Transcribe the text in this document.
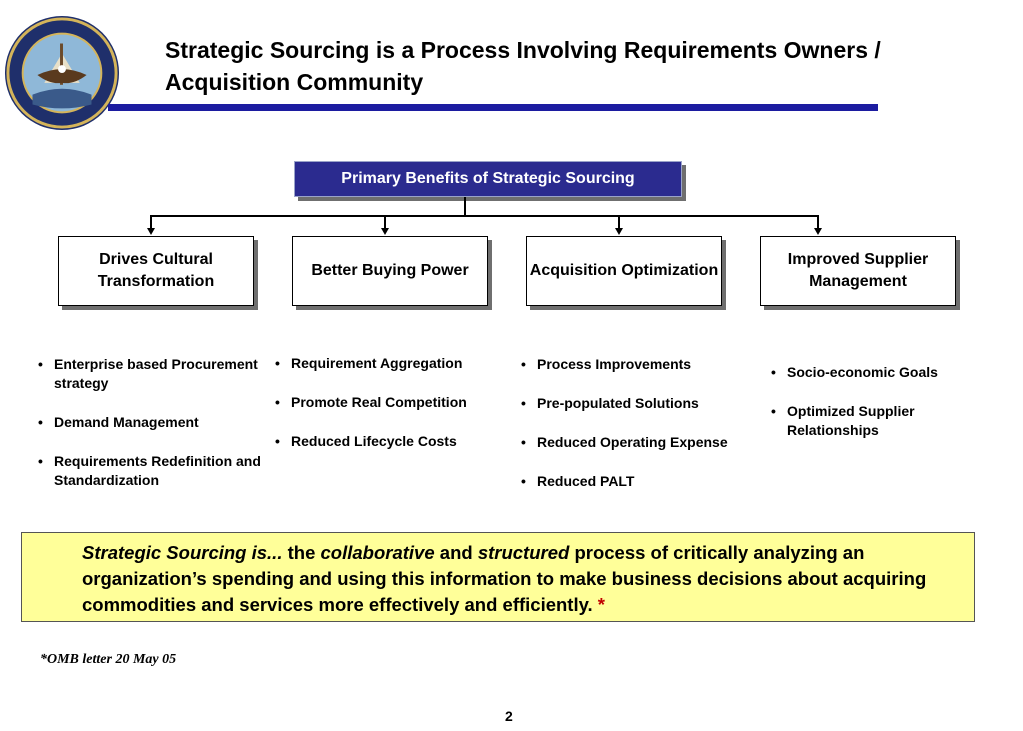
Strategic Sourcing is a Process Involving Requirements Owners / Acquisition Community
Primary Benefits of Strategic Sourcing
Drives Cultural Transformation
Better Buying Power	Acquisition Optimization
Improved Supplier Management
• Enterprise based Procurement strategy
• Demand Management
• Requirements Redefinition and Standardization
• Requirement Aggregation
• Promote Real Competition
• Reduced Lifecycle Costs
• Process Improvements
• Pre-populated Solutions
• Reduced Operating Expense
• Reduced PALT
• Socio-economic Goals
• Optimized Supplier Relationships
Strategic Sourcing is... the collaborative and structured process of critically analyzing an organization’s spending and using this information to make business decisions about acquiring commodities and services more effectively and efficiently. *
*OMB letter 20 May 05
2
